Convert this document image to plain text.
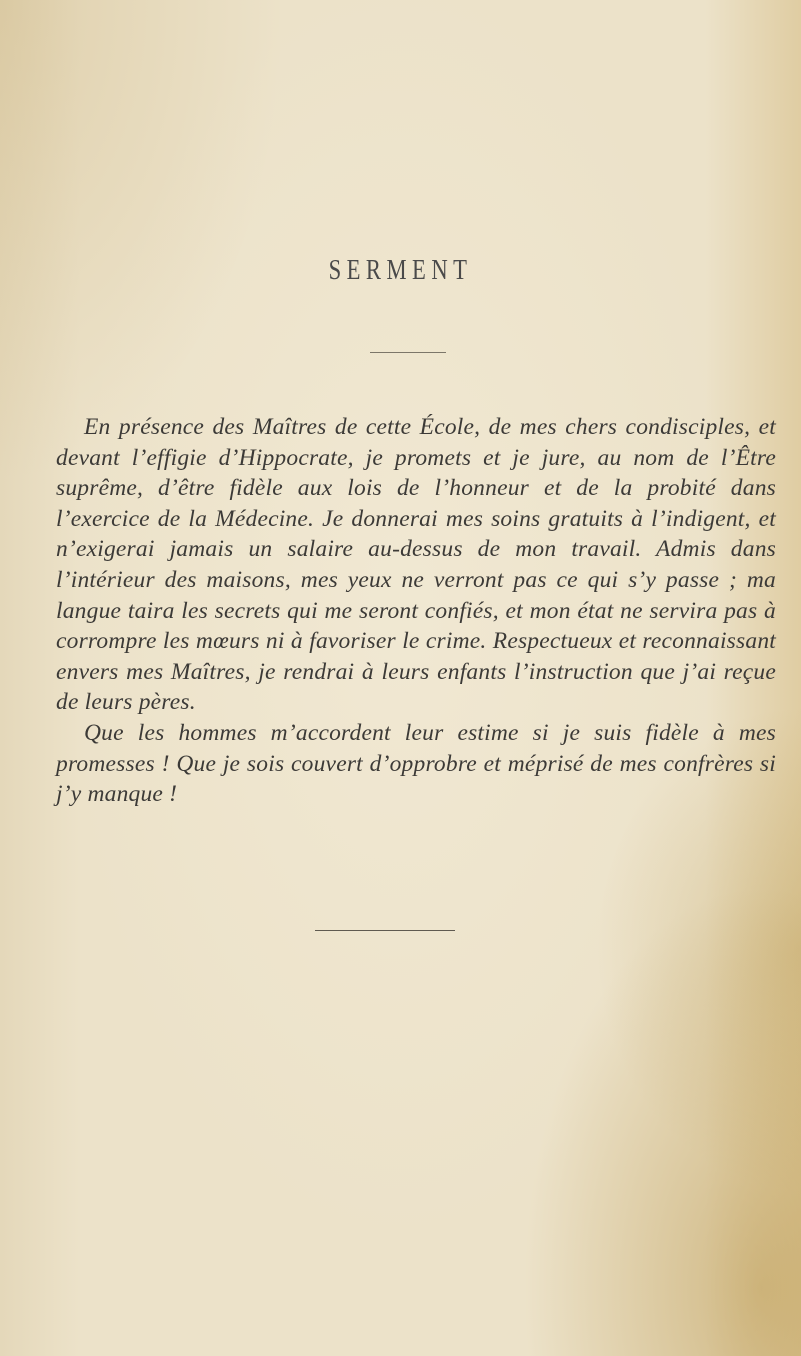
SERMENT

En présence des Maîtres de cette École, de mes chers condisciples, et devant l’effigie d’Hippocrate, je promets et je jure, au nom de l’Être suprême, d’être fidèle aux lois de l’honneur et de la probité dans l’exercice de la Médecine. Je donnerai mes soins gratuits à l’indigent, et n’exigerai jamais un salaire au-dessus de mon travail. Admis dans l’intérieur des maisons, mes yeux ne verront pas ce qui s’y passe ; ma langue taira les secrets qui me seront confiés, et mon état ne servira pas à corrompre les mœurs ni à favoriser le crime. Respectueux et reconnaissant envers mes Maîtres, je rendrai à leurs enfants l’instruction que j’ai reçue de leurs pères.

Que les hommes m’accordent leur estime si je suis fidèle à mes promesses ! Que je sois couvert d’opprobre et méprisé de mes confrères si j’y manque !
